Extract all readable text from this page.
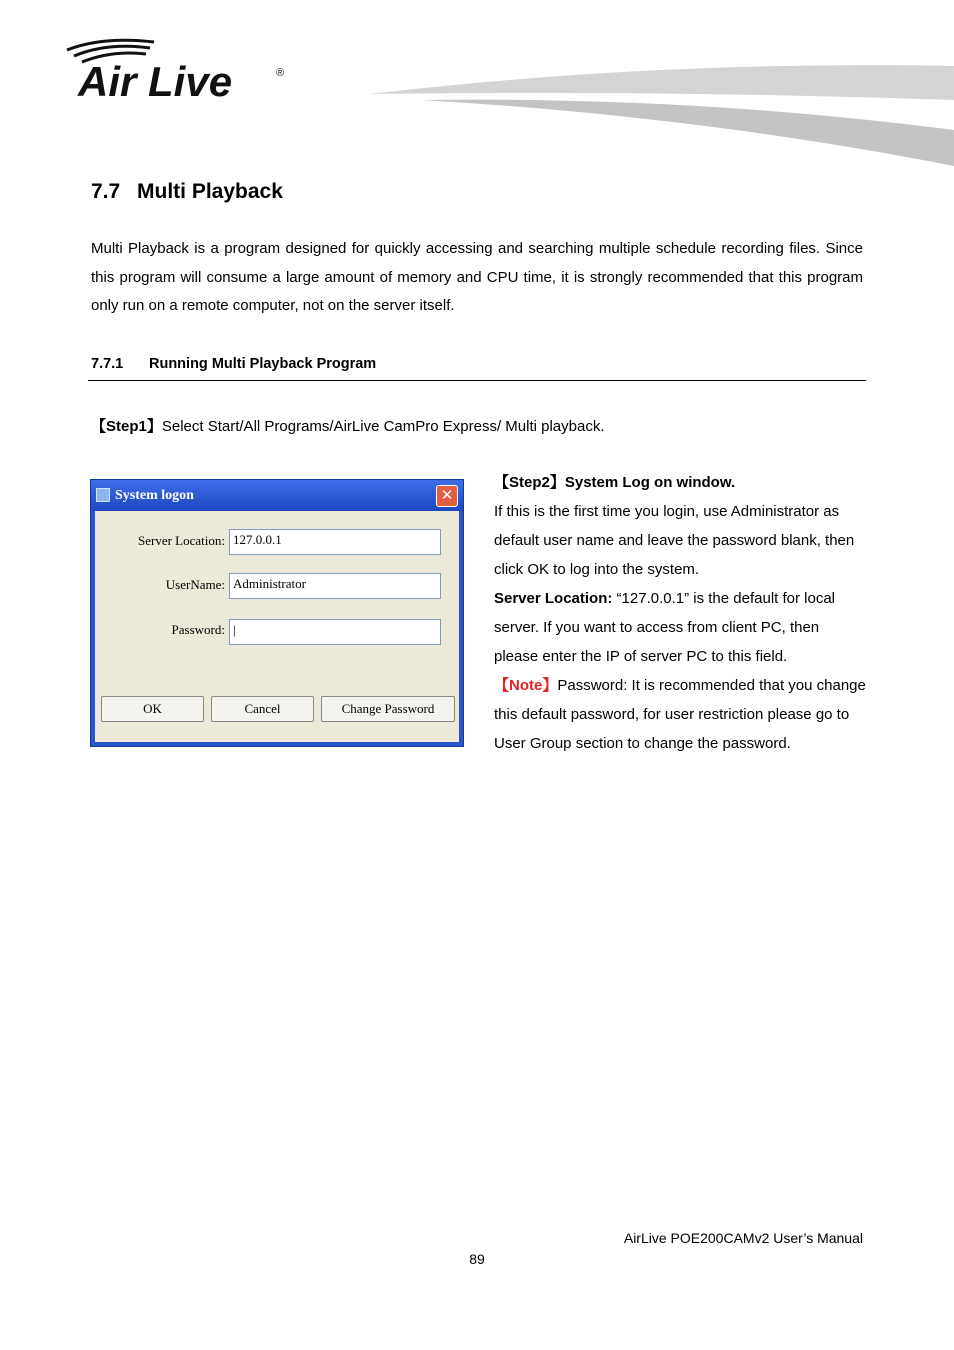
Air Live	®
7.7 Multi Playback
Multi Playback is a program designed for quickly accessing and searching multiple schedule recording files. Since this program will consume a large amount of memory and CPU time, it is strongly recommended that this program only run on a remote computer, not on the server itself.
7.7.1 Running Multi Playback Program
【Step1】Select Start/All Programs/AirLive CamPro Express/ Multi playback.
System logon	✕
Server Location: 127.0.0.1
UserName: Administrator
Password: |
OK	Cancel	Change Password
【Step2】System Log on window.
If this is the first time you login, use Administrator as default user name and leave the password blank, then click OK to log into the system.
Server Location: “127.0.0.1” is the default for local server. If you want to access from client PC, then please enter the IP of server PC to this field.
【Note】Password: It is recommended that you change this default password, for user restriction please go to User Group section to change the password.
AirLive POE200CAMv2 User’s Manual
89
